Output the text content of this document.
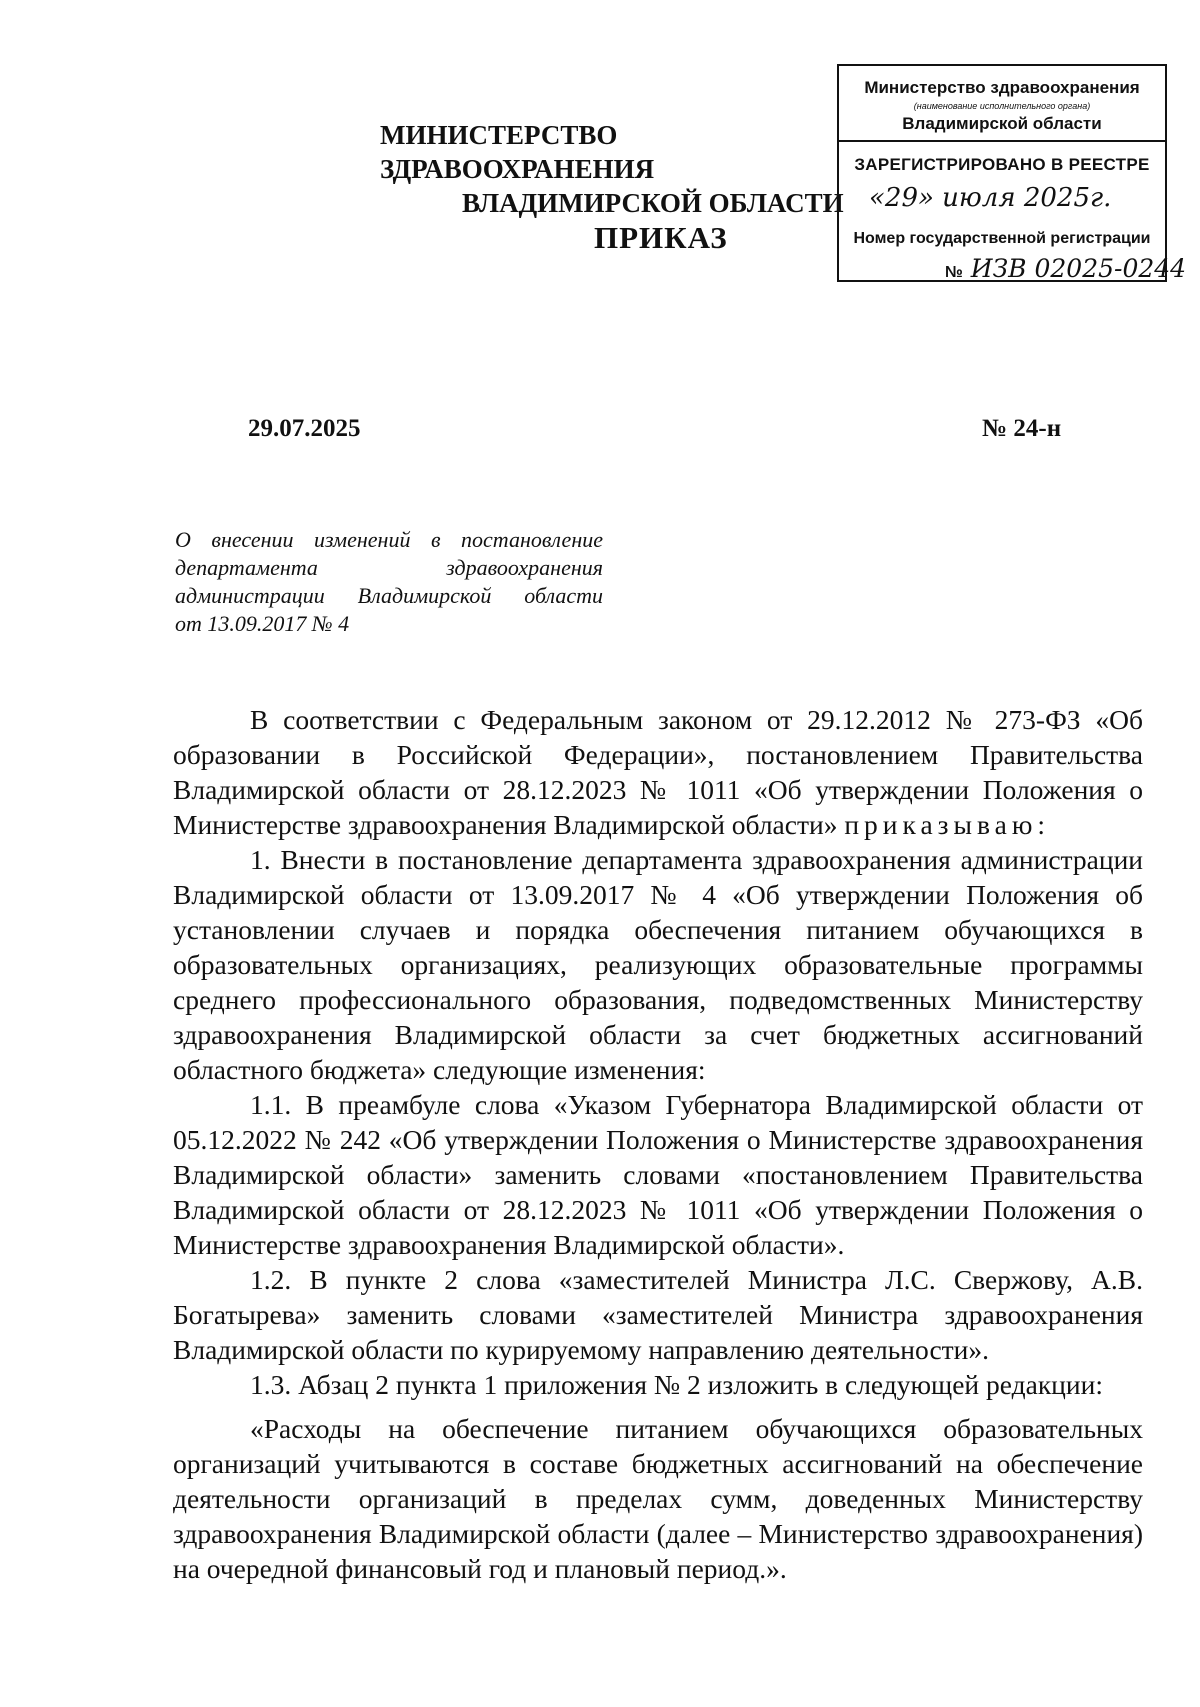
Министерство здравоохранения
(наименование исполнительного органа)
Владимирской области
ЗАРЕГИСТРИРОВАНО В РЕЕСТРЕ
«29» июля 2025г.
Номер государственной регистрации
№ ИЗВ 02025-0244
МИНИСТЕРСТВО ЗДРАВООХРАНЕНИЯ
ВЛАДИМИРСКОЙ ОБЛАСТИ
ПРИКАЗ
29.07.2025	№ 24-н
О внесении изменений в постановление
департамента здравоохранения
администрации Владимирской области
от 13.09.2017 № 4

В соответствии с Федеральным законом от 29.12.2012 № 273-ФЗ «Об образовании в Российской Федерации», постановлением Правительства Владимирской области от 28.12.2023 № 1011 «Об утверждении Положения о Министерстве здравоохранения Владимирской области» приказываю:

1. Внести в постановление департамента здравоохранения администрации Владимирской области от 13.09.2017 № 4 «Об утверждении Положения об установлении случаев и порядка обеспечения питанием обучающихся в образовательных организациях, реализующих образовательные программы среднего профессионального образования, подведомственных Министерству здравоохранения Владимирской области за счет бюджетных ассигнований областного бюджета» следующие изменения:

1.1. В преамбуле слова «Указом Губернатора Владимирской области от 05.12.2022 № 242 «Об утверждении Положения о Министерстве здравоохранения Владимирской области» заменить словами «постановлением Правительства Владимирской области от 28.12.2023 № 1011 «Об утверждении Положения о Министерстве здравоохранения Владимирской области».

1.2. В пункте 2 слова «заместителей Министра Л.С. Свержову, А.В. Богатырева» заменить словами «заместителей Министра здравоохранения Владимирской области по курируемому направлению деятельности».

1.3. Абзац 2 пункта 1 приложения № 2 изложить в следующей редакции:

«Расходы на обеспечение питанием обучающихся образовательных организаций учитываются в составе бюджетных ассигнований на обеспечение деятельности организаций в пределах сумм, доведенных Министерству здравоохранения Владимирской области (далее – Министерство здравоохранения) на очередной финансовый год и плановый период.».
